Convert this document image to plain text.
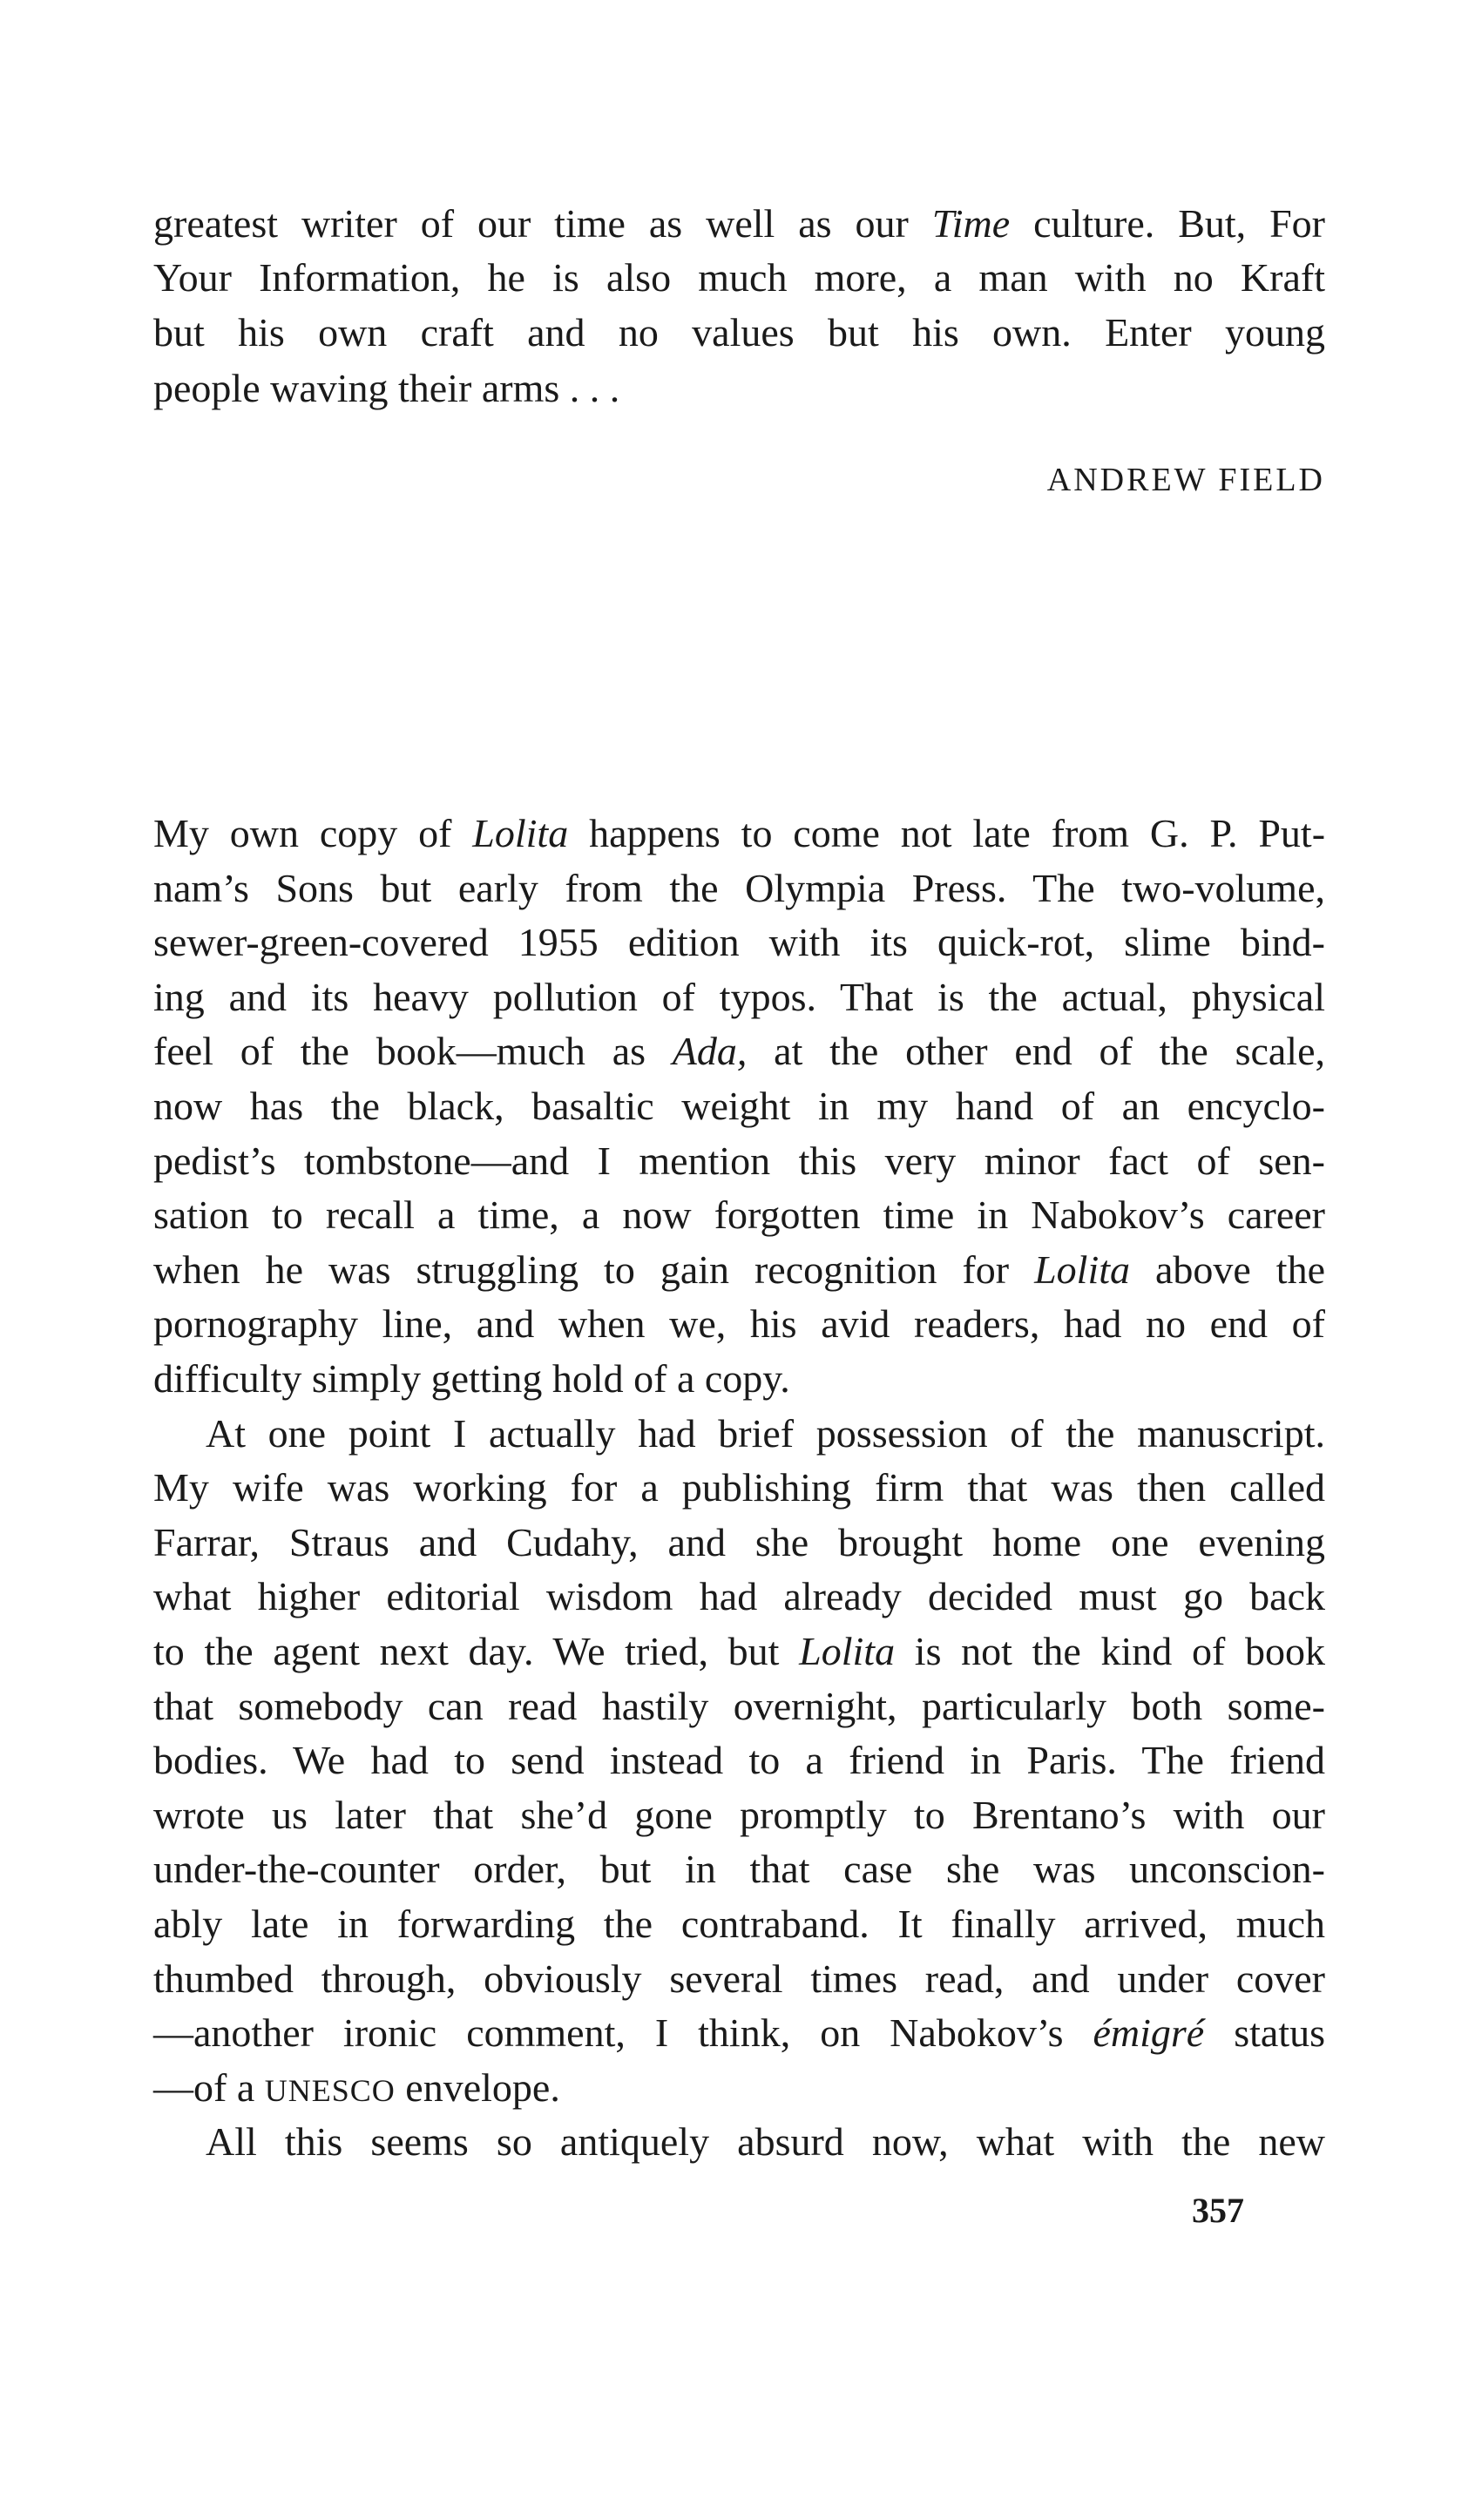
greatest writer of our time as well as our Time culture. But, For
Your Information, he is also much more, a man with no Kraft
but his own craft and no values but his own. Enter young
people waving their arms . . .
ANDREW FIELD
My own copy of Lolita happens to come not late from G. P. Put-
nam’s Sons but early from the Olympia Press. The two-volume,
sewer-green-covered 1955 edition with its quick-rot, slime bind-
ing and its heavy pollution of typos. That is the actual, physical
feel of the book—much as Ada, at the other end of the scale,
now has the black, basaltic weight in my hand of an encyclo-
pedist’s tombstone—and I mention this very minor fact of sen-
sation to recall a time, a now forgotten time in Nabokov’s career
when he was struggling to gain recognition for Lolita above the
pornography line, and when we, his avid readers, had no end of
difficulty simply getting hold of a copy.
At one point I actually had brief possession of the manuscript.
My wife was working for a publishing firm that was then called
Farrar, Straus and Cudahy, and she brought home one evening
what higher editorial wisdom had already decided must go back
to the agent next day. We tried, but Lolita is not the kind of book
that somebody can read hastily overnight, particularly both some-
bodies. We had to send instead to a friend in Paris. The friend
wrote us later that she’d gone promptly to Brentano’s with our
under-the-counter order, but in that case she was unconscion-
ably late in forwarding the contraband. It finally arrived, much
thumbed through, obviously several times read, and under cover
—another ironic comment, I think, on Nabokov’s émigré status
—of a UNESCO envelope.
All this seems so antiquely absurd now, what with the new
357
